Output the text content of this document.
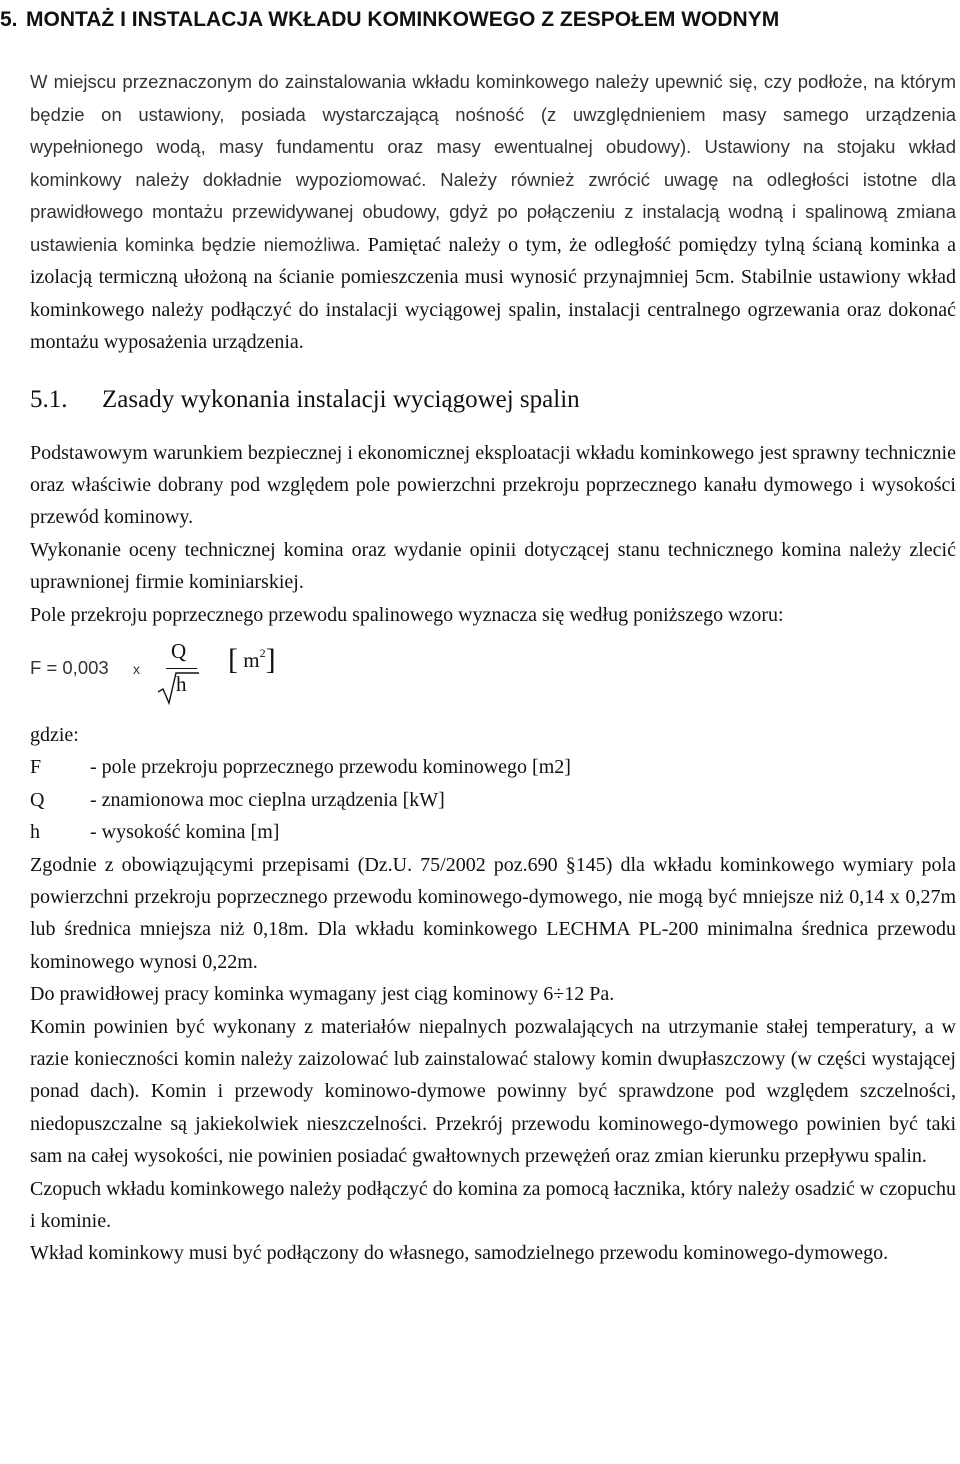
5. MONTAŻ I INSTALACJA WKŁADU KOMINKOWEGO Z ZESPOŁEM WODNYM

W miejscu przeznaczonym do zainstalowania wkładu kominkowego należy upewnić się, czy podłoże, na którym będzie on ustawiony, posiada wystarczającą nośność (z uwzględnieniem masy samego urządzenia wypełnionego wodą, masy fundamentu oraz masy ewentualnej obudowy). Ustawiony na stojaku wkład kominkowy należy dokładnie wypoziomować. Należy również zwrócić uwagę na odległości istotne dla prawidłowego montażu przewidywanej obudowy, gdyż po połączeniu z instalacją wodną i spalinową zmiana ustawienia kominka będzie niemożliwa. Pamiętać należy o tym, że odległość pomiędzy tylną ścianą kominka a izolacją termiczną ułożoną na ścianie pomieszczenia musi wynosić przynajmniej 5cm. Stabilnie ustawiony wkład kominkowego należy podłączyć do instalacji wyciągowej spalin, instalacji centralnego ogrzewania oraz dokonać montażu wyposażenia urządzenia.

5.1. Zasady wykonania instalacji wyciągowej spalin

Podstawowym warunkiem bezpiecznej i ekonomicznej eksploatacji wkładu kominkowego jest sprawny technicznie oraz właściwie dobrany pod względem pole powierzchni przekroju poprzecznego kanału dymowego i wysokości przewód kominowy.

Wykonanie oceny technicznej komina oraz wydanie opinii dotyczącej stanu technicznego komina należy zlecić uprawnionej firmie kominiarskiej.

Pole przekroju poprzecznego przewodu spalinowego wyznacza się według poniższego wzoru:

F = 0,003 x
Q
h
[ $m^2$]

gdzie:

F	- pole przekroju poprzecznego przewodu kominowego [m2]
Q	- znamionowa moc cieplna urządzenia [kW]
h	- wysokość komina [m]

Zgodnie z obowiązującymi przepisami (Dz.U. 75/2002 poz.690 §145) dla wkładu kominkowego wymiary pola powierzchni przekroju poprzecznego przewodu kominowego-dymowego, nie mogą być mniejsze niż 0,14 x 0,27m lub średnica mniejsza niż 0,18m. Dla wkładu kominkowego LECHMA PL-200 minimalna średnica przewodu kominowego wynosi 0,22m.

Do prawidłowej pracy kominka wymagany jest ciąg kominowy 6÷12 Pa.

Komin powinien być wykonany z materiałów niepalnych pozwalających na utrzymanie stałej temperatury, a w razie konieczności komin należy zaizolować lub zainstalować stalowy komin dwupłaszczowy (w części wystającej ponad dach). Komin i przewody kominowo-dymowe powinny być sprawdzone pod względem szczelności, niedopuszczalne są jakiekolwiek nieszczelności. Przekrój przewodu kominowego-dymowego powinien być taki sam na całej wysokości, nie powinien posiadać gwałtownych przewężeń oraz zmian kierunku przepływu spalin.

Czopuch wkładu kominkowego należy podłączyć do komina za pomocą łacznika, który należy osadzić w czopuchu i kominie.

Wkład kominkowy musi być podłączony do własnego, samodzielnego przewodu kominowego-dymowego.
